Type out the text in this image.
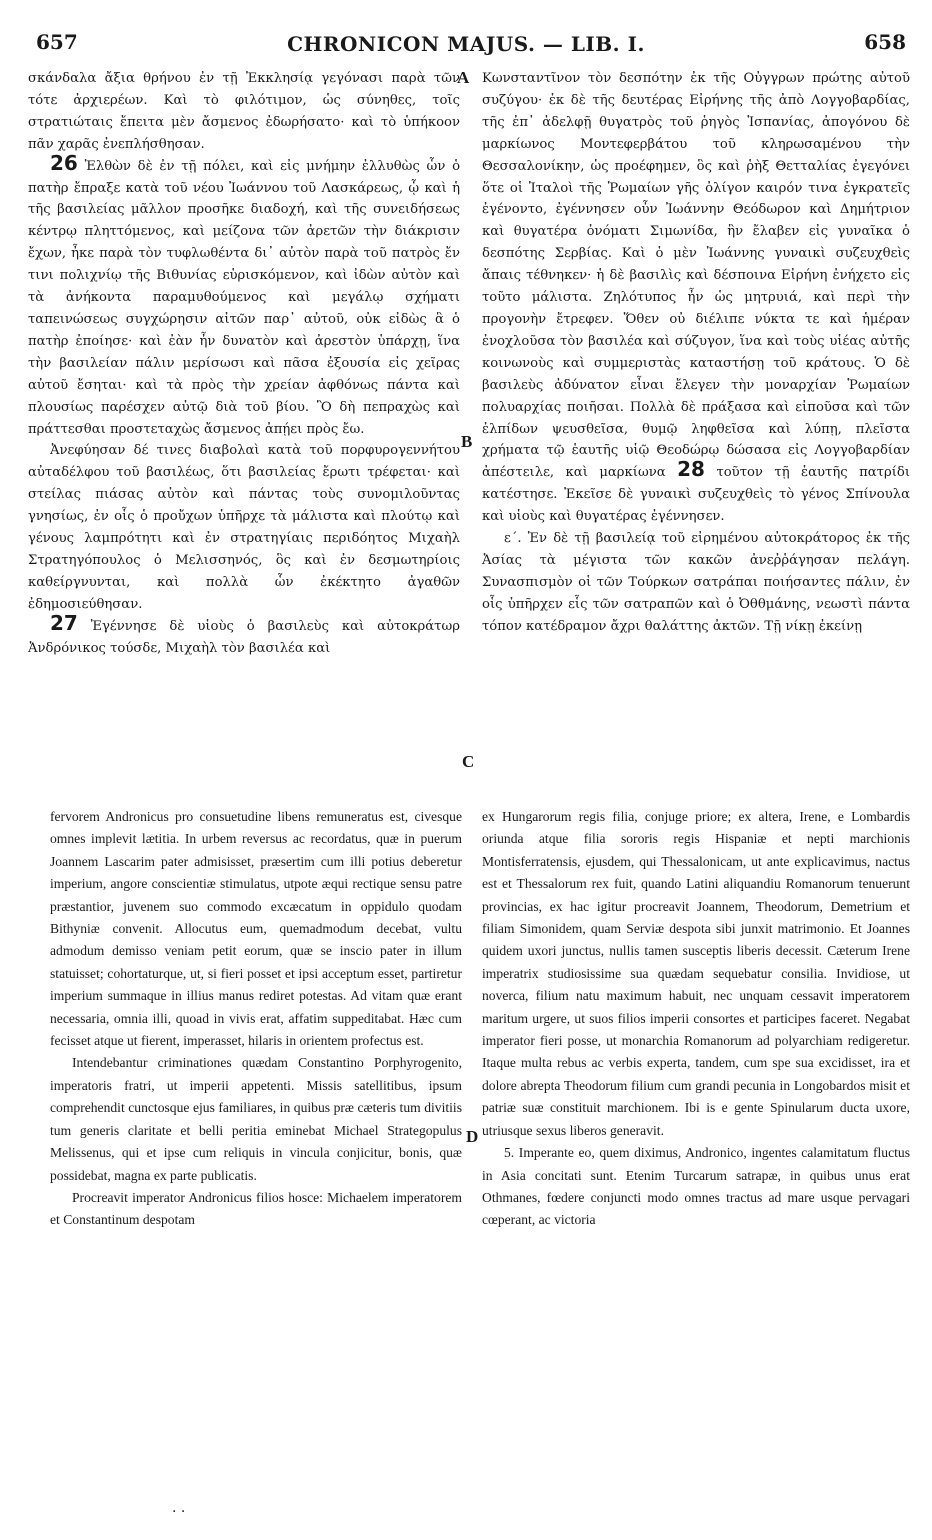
657	CHRONICON MAJUS. — LIB. I.	658

σκάνδαλα ἄξια θρήνου ἐν τῇ Ἐκκλησίᾳ γεγόνασι παρὰ τῶν τότε ἀρχιερέων. Καὶ τὸ φιλότιμον, ὡς σύνηθες, τοῖς στρατιώταις ἔπειτα μὲν ἄσμενος ἐδωρήσατο· καὶ τὸ ὑπήκοον πᾶν χαρᾶς ἐνεπλήσθησαν.

26 Ἐλθὼν δὲ ἐν τῇ πόλει, καὶ εἰς μνήμην ἐλλυθὼς ὧν ὁ πατὴρ ἔπραξε κατὰ τοῦ νέου Ἰωάννου τοῦ Λασκάρεως, ᾧ καὶ ἡ τῆς βασιλείας μᾶλλον προσῆκε διαδοχή, καὶ τῆς συνειδήσεως κέντρῳ πληττόμενος, καὶ μείζονα τῶν ἀρετῶν τὴν διάκρισιν ἔχων, ἦκε παρὰ τὸν τυφλωθέντα δι᾽ αὐτὸν παρὰ τοῦ πατρὸς ἔν τινι πολιχνίῳ τῆς Βιθυνίας εὑρισκόμενον, καὶ ἰδὼν αὐτὸν καὶ τὰ ἀνήκοντα παραμυθούμενος καὶ μεγάλῳ σχήματι ταπεινώσεως συγχώρησιν αἰτῶν παρ᾽ αὐτοῦ, οὐκ εἰδὼς ἃ ὁ πατὴρ ἐποίησε· καὶ ἐὰν ἦν δυνατὸν καὶ ἀρεστὸν ὑπάρχῃ, ἵνα τὴν βασιλείαν πάλιν μερίσωσι καὶ πᾶσα ἐξουσία εἰς χεῖρας αὐτοῦ ἔσηται· καὶ τὰ πρὸς τὴν χρείαν ἀφθόνως πάντα καὶ πλουσίως παρέσχεν αὐτῷ διὰ τοῦ βίου. Ὃ δὴ πεπραχὼς καὶ πράττεσθαι προστεταχὼς ἄσμενος ἀπῄει πρὸς ἔω.

Ἀνεφύησαν δέ τινες διαβολαὶ κατὰ τοῦ πορφυρογεννήτου αὐταδέλφου τοῦ βασιλέως, ὅτι βασιλείας ἔρωτι τρέφεται· καὶ στείλας πιάσας αὐτὸν καὶ πάντας τοὺς συνομιλοῦντας γνησίως, ἐν οἷς ὁ προὔχων ὑπῆρχε τὰ μάλιστα καὶ πλούτῳ καὶ γένους λαμπρότητι καὶ ἐν στρατηγίαις περιδόητος Μιχαὴλ Στρατηγόπουλος ὁ Μελισσηνός, ὃς καὶ ἐν δεσμωτηρίοις καθείργνυνται, καὶ πολλὰ ὧν ἐκέκτητο ἀγαθῶν ἐδημοσιεύθησαν.

27 Ἐγέννησε δὲ υἱοὺς ὁ βασιλεὺς καὶ αὐτοκράτωρ Ἀνδρόνικος τούσδε, Μιχαὴλ τὸν βασιλέα καὶ

Κωνσταντῖνον τὸν δεσπότην ἐκ τῆς Οὐγγρων πρώτης αὐτοῦ συζύγου· ἐκ δὲ τῆς δευτέρας Εἰρήνης τῆς ἀπὸ Λογγοβαρδίας, τῆς ἐπ᾽ ἀδελφῇ θυγατρὸς τοῦ ῥηγὸς Ἱσπανίας, ἀπογόνου δὲ μαρκίωνος Μοντεφερβάτου τοῦ κληρωσαμένου τὴν Θεσσαλονίκην, ὡς προέφημεν, ὃς καὶ ῥὴξ Θετταλίας ἐγεγόνει ὅτε οἱ Ἰταλοὶ τῆς Ῥωμαίων γῆς ὀλίγον καιρόν τινα ἐγκρατεῖς ἐγένοντο, ἐγέννησεν οὖν Ἰωάννην Θεόδωρον καὶ Δημήτριον καὶ θυγατέρα ὀνόματι Σιμωνίδα, ἣν ἔλαβεν εἰς γυναῖκα ὁ δεσπότης Σερβίας. Καὶ ὁ μὲν Ἰωάννης γυναικὶ συζευχθεὶς ἄπαις τέθνηκεν· ἡ δὲ βασιλὶς καὶ δέσποινα Εἰρήνη ἐνήχετο εἰς τοῦτο μάλιστα. Ζηλότυπος ἦν ὡς μητρυιά, καὶ περὶ τὴν προγονὴν ἔτρεφεν. Ὅθεν οὐ διέλιπε νύκτα τε καὶ ἡμέραν ἐνοχλοῦσα τὸν βασιλέα καὶ σύζυγον, ἵνα καὶ τοὺς υἱέας αὐτῆς κοινωνοὺς καὶ συμμεριστὰς καταστήσῃ τοῦ κράτους. Ὁ δὲ βασιλεὺς ἀδύνατον εἶναι ἔλεγεν τὴν μοναρχίαν Ῥωμαίων πολυαρχίας ποιῆσαι. Πολλὰ δὲ πράξασα καὶ εἰποῦσα καὶ τῶν ἐλπίδων ψευσθεῖσα, θυμῷ ληφθεῖσα καὶ λύπῃ, πλεῖστα χρήματα τῷ ἑαυτῆς υἱῷ Θεοδώρῳ δώσασα εἰς Λογγοβαρδίαν ἀπέστειλε, καὶ μαρκίωνα 28 τοῦτον τῇ ἑαυτῆς πατρίδι κατέστησε. Ἐκεῖσε δὲ γυναικὶ συζευχθεὶς τὸ γένος Σπίνουλα καὶ υἱοὺς καὶ θυγατέρας ἐγέννησεν.

ε΄. Ἐν δὲ τῇ βασιλείᾳ τοῦ εἰρημένου αὐτοκράτορος ἐκ τῆς Ἀσίας τὰ μέγιστα τῶν κακῶν ἀνεῤῥάγησαν πελάγη. Συνασπισμὸν οἱ τῶν Τούρκων σατράπαι ποιήσαντες πάλιν, ἐν οἷς ὑπῆρχεν εἷς τῶν σατραπῶν καὶ ὁ Ὀθθμάνης, νεωστὶ πάντα τόπον κατέδραμον ἄχρι θαλάττης ἀκτῶν. Τῇ νίκῃ ἐκείνῃ

fervorem Andronicus pro consuetudine libens remuneratus est, civesque omnes implevit lætitia. In urbem reversus ac recordatus, quæ in puerum Joannem Lascarim pater admisisset, præsertim cum illi potius deberetur imperium, angore conscientiæ stimulatus, utpote æqui rectique sensu patre præstantior, juvenem suo commodo excæcatum in oppidulo quodam Bithyniæ convenit. Allocutus eum, quemadmodum decebat, vultu admodum demisso veniam petit eorum, quæ se inscio pater in illum statuisset; cohortaturque, ut, si fieri posset et ipsi acceptum esset, partiretur imperium summaque in illius manus rediret potestas. Ad vitam quæ erant necessaria, omnia illi, quoad in vivis erat, affatim suppeditabat. Hæc cum fecisset atque ut fierent, imperasset, hilaris in orientem profectus est.

Intendebantur criminationes quædam Constantino Porphyrogenito, imperatoris fratri, ut imperii appetenti. Missis satellitibus, ipsum comprehendit cunctosque ejus familiares, in quibus præ cæteris tum divitiis tum generis claritate et belli peritia eminebat Michael Strategopulus Melissenus, qui et ipse cum reliquis in vincula conjicitur, bonis, quæ possidebat, magna ex parte publicatis.

Procreavit imperator Andronicus filios hosce: Michaelem imperatorem et Constantinum despotam

ex Hungarorum regis filia, conjuge priore; ex altera, Irene, e Lombardis oriunda atque filia sororis regis Hispaniæ et nepti marchionis Montisferratensis, ejusdem, qui Thessalonicam, ut ante explicavimus, nactus est et Thessalorum rex fuit, quando Latini aliquandiu Romanorum tenuerunt provincias, ex hac igitur procreavit Joannem, Theodorum, Demetrium et filiam Simonidem, quam Serviæ despota sibi junxit matrimonio. Et Joannes quidem uxori junctus, nullis tamen susceptis liberis decessit. Cæterum Irene imperatrix studiosissime sua quædam sequebatur consilia. Invidiose, ut noverca, filium natu maximum habuit, nec unquam cessavit imperatorem maritum urgere, ut suos filios imperii consortes et participes faceret. Negabat imperator fieri posse, ut monarchia Romanorum ad polyarchiam redigeretur. Itaque multa rebus ac verbis experta, tandem, cum spe sua excidisset, ira et dolore abrepta Theodorum filium cum grandi pecunia in Longobardos misit et patriæ suæ constituit marchionem. Ibi is e gente Spinularum ducta uxore, utriusque sexus liberos generavit.

5. Imperante eo, quem diximus, Andronico, ingentes calamitatum fluctus in Asia concitati sunt. Etenim Turcarum satrapæ, in quibus unus erat Othmanes, fœdere conjuncti modo omnes tractus ad mare usque pervagari cœperant, ac victoria

A
B
C
D
. .
